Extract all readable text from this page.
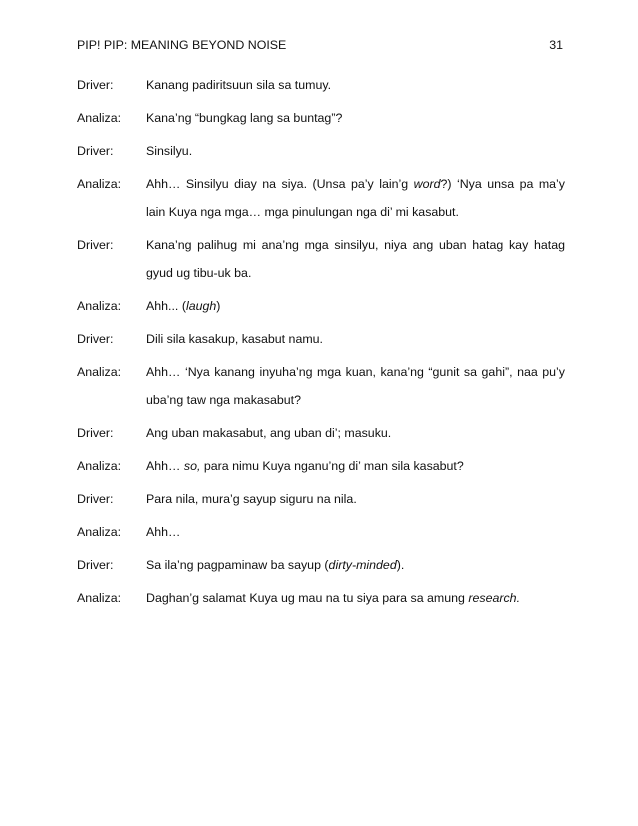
PIP! PIP: MEANING BEYOND NOISE	31
Driver:	Kanang padiritsuun sila sa tumuy.
Analiza:	Kana’ng “bungkag lang sa buntag”?
Driver:	Sinsilyu.
Analiza:	Ahh… Sinsilyu diay na siya. (Unsa pa’y lain’g word?) ‘Nya unsa pa ma’y
lain Kuya nga mga… mga pinulungan nga di’ mi kasabut.
Driver:	Kana’ng palihug mi ana’ng mga sinsilyu, niya ang uban hatag kay hatag
gyud ug tibu-uk ba.
Analiza:	Ahh... (laugh)
Driver:	Dili sila kasakup, kasabut namu.
Analiza:	Ahh… ‘Nya kanang inyuha’ng mga kuan, kana’ng “gunit sa gahi”, naa pu’y
uba’ng taw nga makasabut?
Driver:	Ang uban makasabut, ang uban di’; masuku.
Analiza:	Ahh… so, para nimu Kuya nganu’ng di’ man sila kasabut?
Driver:	Para nila, mura’g sayup siguru na nila.
Analiza:	Ahh…
Driver:	Sa ila’ng pagpaminaw ba sayup (dirty-minded).
Analiza:	Daghan’g salamat Kuya ug mau na tu siya para sa amung research.
